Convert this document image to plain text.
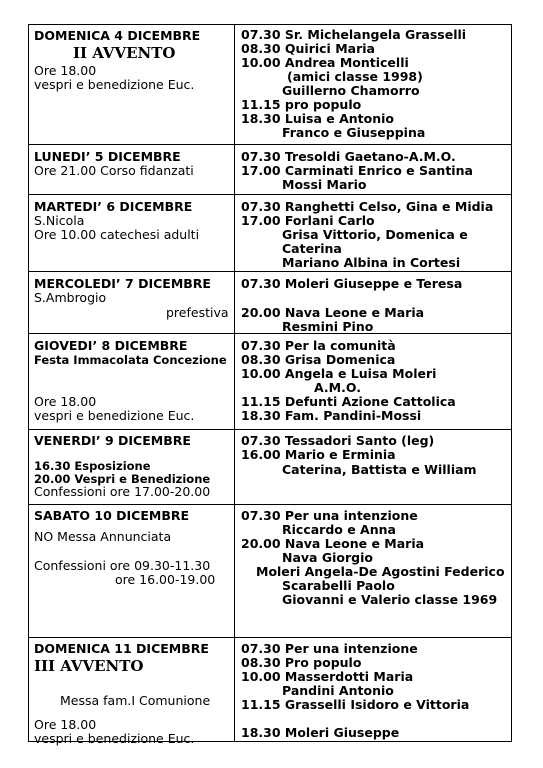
DOMENICA 4 DICEMBRE
II AVVENTO
Ore 18.00
vespri e benedizione Euc.
07.30 Sr. Michelangela Grasselli
08.30 Quirici Maria
10.00 Andrea Monticelli
(amici classe 1998)
Guillerno Chamorro
11.15 pro populo
18.30 Luisa e Antonio
Franco e Giuseppina
LUNEDI’ 5 DICEMBRE
Ore 21.00 Corso fidanzati
07.30 Tresoldi Gaetano-A.M.O.
17.00 Carminati Enrico e Santina
Mossi Mario
MARTEDI’ 6 DICEMBRE
S.Nicola
Ore 10.00 catechesi adulti
07.30 Ranghetti Celso, Gina e Midia
17.00 Forlani Carlo
Grisa Vittorio, Domenica e
Caterina
Mariano Albina in Cortesi
MERCOLEDI’ 7 DICEMBRE
S.Ambrogio
prefestiva
07.30 Moleri Giuseppe e Teresa
20.00 Nava Leone e Maria
Resmini Pino
GIOVEDI’ 8 DICEMBRE
Festa Immacolata Concezione
Ore 18.00
vespri e benedizione Euc.
07.30 Per la comunità
08.30 Grisa Domenica
10.00 Angela e Luisa Moleri
A.M.O.
11.15 Defunti Azione Cattolica
18.30 Fam. Pandini-Mossi
VENERDI’ 9 DICEMBRE
16.30 Esposizione
20.00 Vespri e Benedizione
Confessioni ore 17.00-20.00
07.30 Tessadori Santo (leg)
16.00 Mario e Erminia
Caterina, Battista e William
SABATO 10 DICEMBRE
NO Messa Annunciata
Confessioni ore 09.30-11.30
ore 16.00-19.00
07.30 Per una intenzione
Riccardo e Anna
20.00 Nava Leone e Maria
Nava Giorgio
Moleri Angela-De Agostini Federico
Scarabelli Paolo
Giovanni e Valerio classe 1969
DOMENICA 11 DICEMBRE
III AVVENTO
Messa fam.I Comunione
Ore 18.00
vespri e benedizione Euc.
07.30 Per una intenzione
08.30 Pro populo
10.00 Masserdotti Maria
Pandini Antonio
11.15 Grasselli Isidoro e Vittoria
18.30 Moleri Giuseppe
